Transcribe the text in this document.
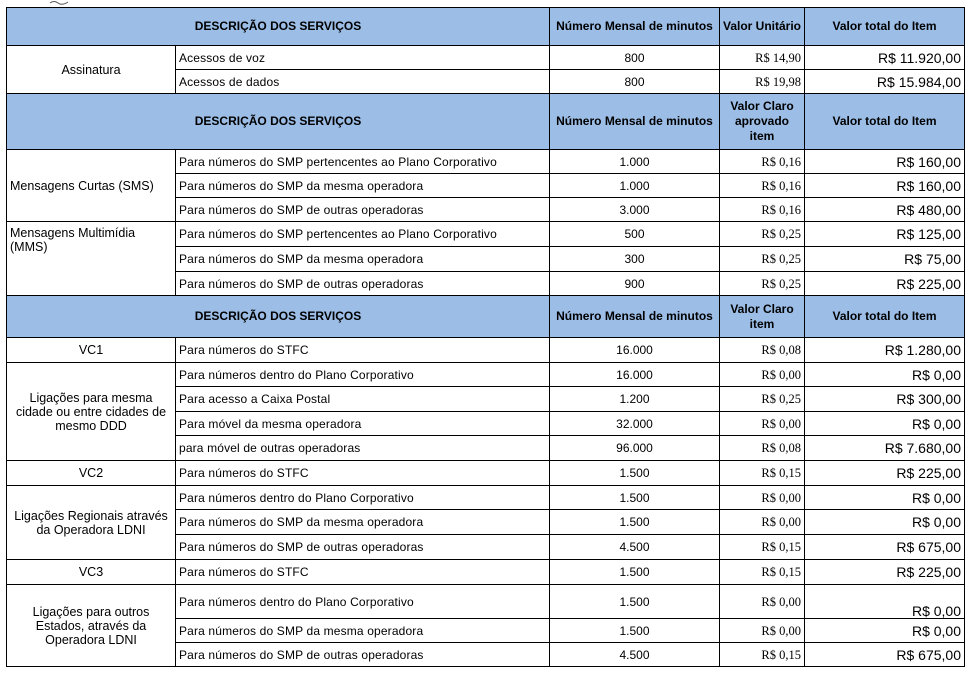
DESCRIÇÃO DOS SERVIÇOS		Número Mensal de minutos	Valor Unitário	Valor total do Item
Assinatura	Acessos de voz	800	R$ 14,90	R$ 11.920,00
	Acessos de dados	800	R$ 19,98	R$ 15.984,00
DESCRIÇÃO DOS SERVIÇOS		Número Mensal de minutos	Valor Claro aprovado item	Valor total do Item
Mensagens Curtas (SMS)	Para números do SMP pertencentes ao Plano Corporativo	1.000	R$ 0,16	R$ 160,00
	Para números do SMP da mesma operadora	1.000	R$ 0,16	R$ 160,00
	Para números do SMP de outras operadoras	3.000	R$ 0,16	R$ 480,00
Mensagens Multimídia (MMS)	Para números do SMP pertencentes ao Plano Corporativo	500	R$ 0,25	R$ 125,00
	Para números do SMP da mesma operadora	300	R$ 0,25	R$ 75,00
	Para números do SMP de outras operadoras	900	R$ 0,25	R$ 225,00
DESCRIÇÃO DOS SERVIÇOS		Número Mensal de minutos	Valor Claro item	Valor total do Item
VC1	Para números do STFC	16.000	R$ 0,08	R$ 1.280,00
Ligações para mesma cidade ou entre cidades de mesmo DDD	Para números dentro do Plano Corporativo	16.000	R$ 0,00	R$ 0,00
	Para acesso a Caixa Postal	1.200	R$ 0,25	R$ 300,00
	Para móvel da mesma operadora	32.000	R$ 0,00	R$ 0,00
	para móvel de outras operadoras	96.000	R$ 0,08	R$ 7.680,00
VC2	Para números do STFC	1.500	R$ 0,15	R$ 225,00
Ligações Regionais através da Operadora LDNI	Para números dentro do Plano Corporativo	1.500	R$ 0,00	R$ 0,00
	Para números do SMP da mesma operadora	1.500	R$ 0,00	R$ 0,00
	Para números do SMP de outras operadoras	4.500	R$ 0,15	R$ 675,00
VC3	Para números do STFC	1.500	R$ 0,15	R$ 225,00
Ligações para outros Estados, através da Operadora LDNI	Para números dentro do Plano Corporativo	1.500	R$ 0,00	R$ 0,00
	Para números do SMP da mesma operadora	1.500	R$ 0,00	R$ 0,00
	Para números do SMP de outras operadoras	4.500	R$ 0,15	R$ 675,00
